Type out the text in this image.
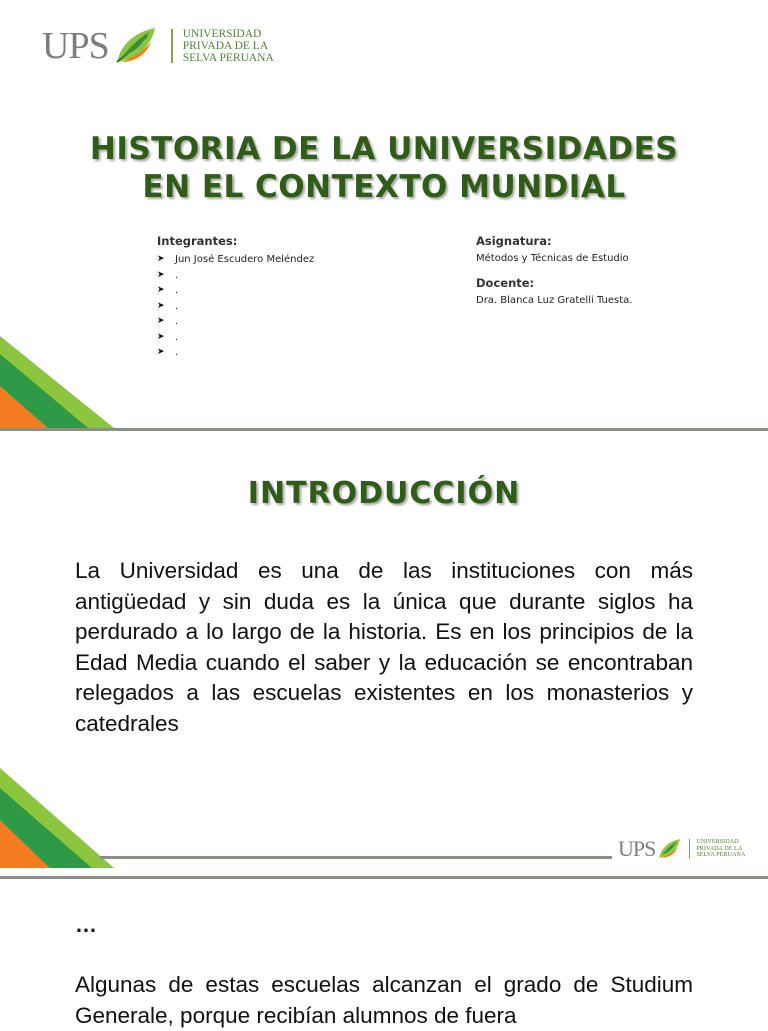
UPS	UNIVERSIDAD
PRIVADA DE LA
SELVA PERUANA
HISTORIA DE LA UNIVERSIDADES
EN EL CONTEXTO MUNDIAL
Integrantes:
➤ Jun José Escudero Meléndez
➤ .
➤ .
➤ .
➤ .
➤ .
➤ .
Asignatura:
Métodos y Técnicas de Estudio
Docente:
Dra. Blanca Luz Gratelli Tuesta.
INTRODUCCIÓN
La Universidad es una de las instituciones con más antigüedad y sin duda es la única que durante siglos ha perdurado a lo largo de la historia. Es en los principios de la Edad Media cuando el saber y la educación se encontraban relegados a las escuelas existentes en los monasterios y catedrales
UPS	UNIVERSIDAD
PRIVADA DE LA
SELVA PERUANA
…
Algunas de estas escuelas alcanzan el grado de Studium Generale, porque recibían alumnos de fuera
